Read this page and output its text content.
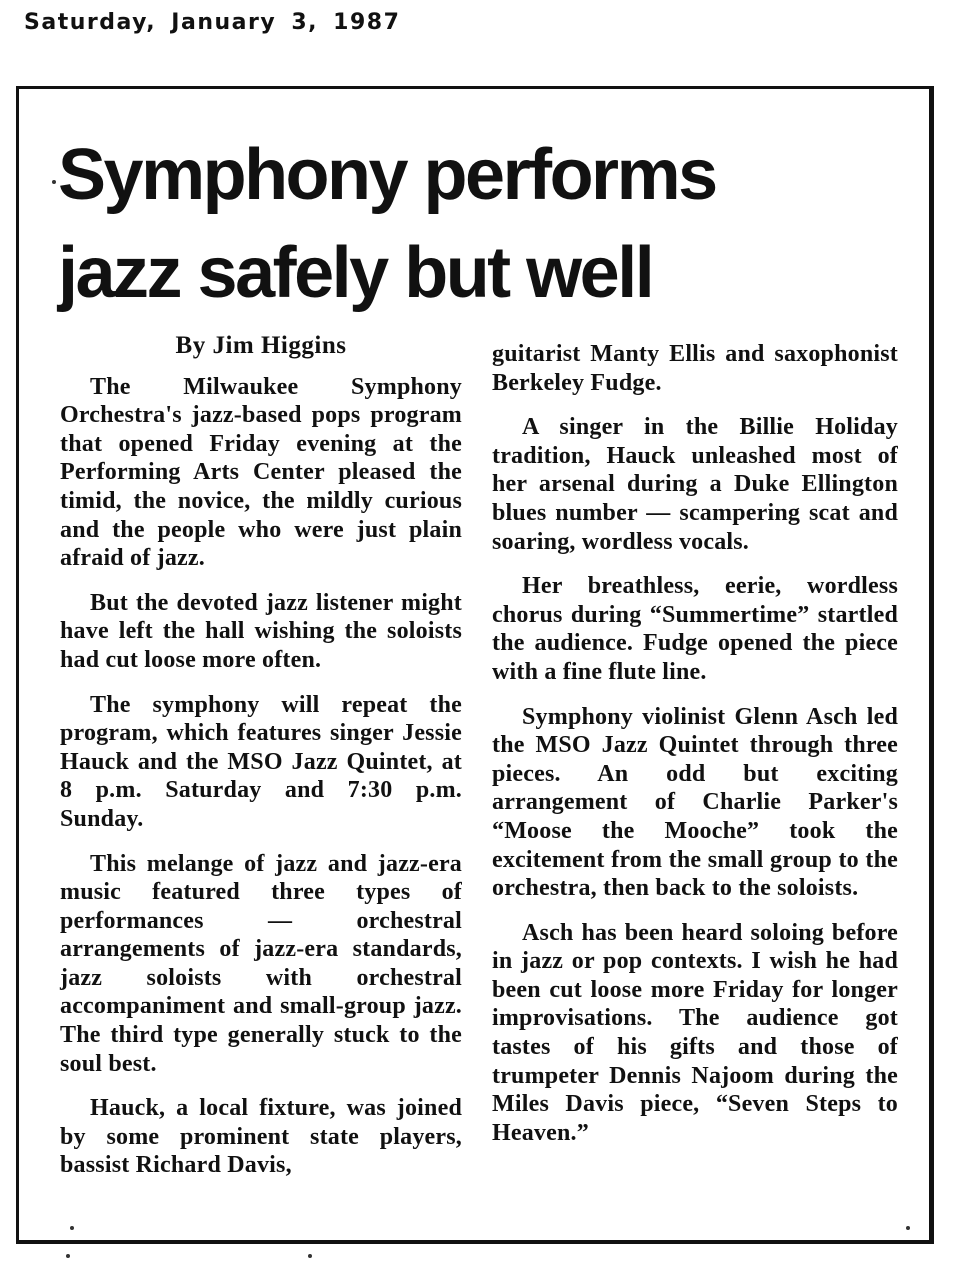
Saturday, January 3, 1987
Symphony performs
jazz safely but well
By Jim Higgins

The Milwaukee Symphony Orchestra's jazz-based pops program that opened Friday evening at the Performing Arts Center pleased the timid, the novice, the mildly curious and the people who were just plain afraid of jazz.

But the devoted jazz listener might have left the hall wishing the soloists had cut loose more often.

The symphony will repeat the program, which features singer Jessie Hauck and the MSO Jazz Quintet, at 8 p.m. Saturday and 7:30 p.m. Sunday.

This melange of jazz and jazz-era music featured three types of performances — orchestral arrangements of jazz-era standards, jazz soloists with orchestral accompaniment and small-group jazz. The third type generally stuck to the soul best.

Hauck, a local fixture, was joined by some prominent state players, bassist Richard Davis,

guitarist Manty Ellis and saxophonist Berkeley Fudge.

A singer in the Billie Holiday tradition, Hauck unleashed most of her arsenal during a Duke Ellington blues number — scampering scat and soaring, wordless vocals.

Her breathless, eerie, wordless chorus during “Summertime” startled the audience. Fudge opened the piece with a fine flute line.

Symphony violinist Glenn Asch led the MSO Jazz Quintet through three pieces. An odd but exciting arrangement of Charlie Parker's “Moose the Mooche” took the excitement from the small group to the orchestra, then back to the soloists.

Asch has been heard soloing before in jazz or pop contexts. I wish he had been cut loose more Friday for longer improvisations. The audience got tastes of his gifts and those of trumpeter Dennis Najoom during the Miles Davis piece, “Seven Steps to Heaven.”
